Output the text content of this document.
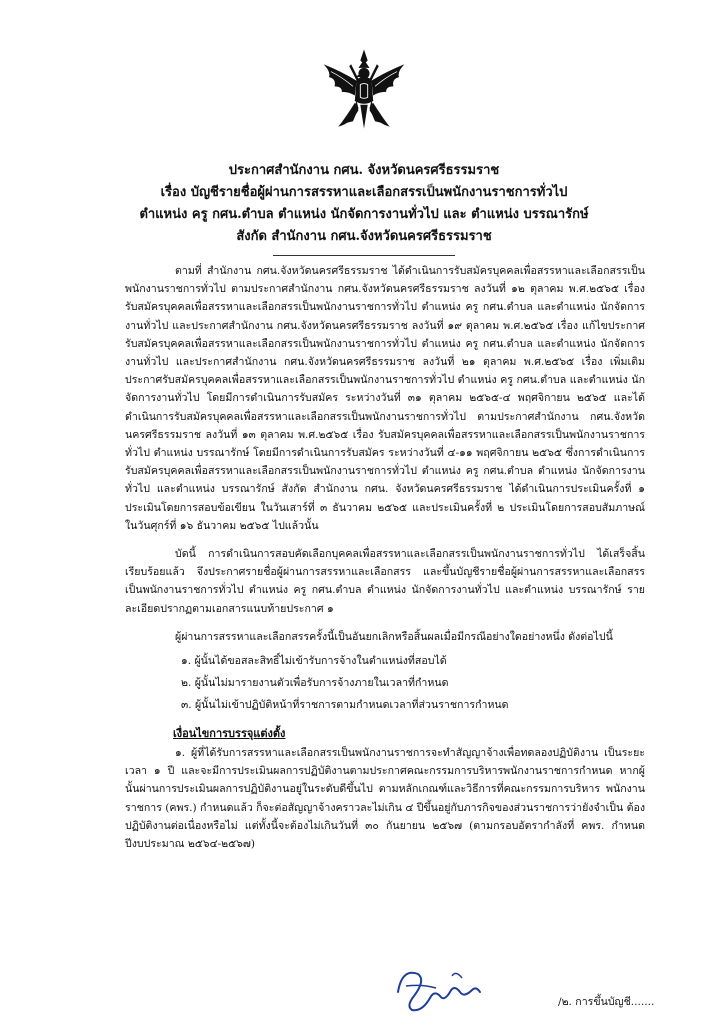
ประกาศสำนักงาน กศน. จังหวัดนครศรีธรรมราช
เรื่อง บัญชีรายชื่อผู้ผ่านการสรรหาและเลือกสรรเป็นพนักงานราชการทั่วไป
ตำแหน่ง ครู กศน.ตำบล ตำแหน่ง นักจัดการงานทั่วไป และ ตำแหน่ง บรรณารักษ์
สังกัด สำนักงาน กศน.จังหวัดนครศรีธรรมราช

ตามที่ สำนักงาน กศน.จังหวัดนครศรีธรรมราช ได้ดำเนินการรับสมัครบุคคลเพื่อสรรหาและเลือกสรรเป็นพนักงานราชการทั่วไป ตามประกาศสำนักงาน กศน.จังหวัดนครศรีธรรมราช ลงวันที่ ๑๒ ตุลาคม พ.ศ.๒๕๖๕ เรื่อง รับสมัครบุคคลเพื่อสรรหาและเลือกสรรเป็นพนักงานราชการทั่วไป ตำแหน่ง ครู กศน.ตำบล และตำแหน่ง นักจัดการงานทั่วไป และประกาศสำนักงาน กศน.จังหวัดนครศรีธรรมราช ลงวันที่ ๑๙ ตุลาคม พ.ศ.๒๕๖๕ เรื่อง แก้ไขประกาศรับสมัครบุคคลเพื่อสรรหาและเลือกสรรเป็นพนักงานราชการทั่วไป ตำแหน่ง ครู กศน.ตำบล และตำแหน่ง นักจัดการงานทั่วไป และประกาศสำนักงาน กศน.จังหวัดนครศรีธรรมราช ลงวันที่ ๒๑ ตุลาคม พ.ศ.๒๕๖๕ เรื่อง เพิ่มเติมประกาศรับสมัครบุคคลเพื่อสรรหาและเลือกสรรเป็นพนักงานราชการทั่วไป ตำแหน่ง ครู กศน.ตำบล และตำแหน่ง นักจัดการงานทั่วไป โดยมีการดำเนินการรับสมัคร ระหว่างวันที่ ๓๑ ตุลาคม ๒๕๖๕-๔ พฤศจิกายน ๒๕๖๕ และได้ดำเนินการรับสมัครบุคคลเพื่อสรรหาและเลือกสรรเป็นพนักงานราชการทั่วไป ตามประกาศสำนักงาน กศน.จังหวัดนครศรีธรรมราช ลงวันที่ ๑๓ ตุลาคม พ.ศ.๒๕๖๕ เรื่อง รับสมัครบุคคลเพื่อสรรหาและเลือกสรรเป็นพนักงานราชการทั่วไป ตำแหน่ง บรรณารักษ์ โดยมีการดำเนินการรับสมัคร ระหว่างวันที่ ๔-๑๑ พฤศจิกายน ๒๕๖๕ ซึ่งการดำเนินการรับสมัครบุคคลเพื่อสรรหาและเลือกสรรเป็นพนักงานราชการทั่วไป ตำแหน่ง ครู กศน.ตำบล ตำแหน่ง นักจัดการงานทั่วไป และตำแหน่ง บรรณารักษ์ สังกัด สำนักงาน กศน. จังหวัดนครศรีธรรมราช ได้ดำเนินการประเมินครั้งที่ ๑ ประเมินโดยการสอบข้อเขียน ในวันเสาร์ที่ ๓ ธันวาคม ๒๕๖๕ และประเมินครั้งที่ ๒ ประเมินโดยการสอบสัมภาษณ์ ในวันศุกร์ที่ ๑๖ ธันวาคม ๒๕๖๕ ไปแล้วนั้น

บัดนี้ การดำเนินการสอบคัดเลือกบุคคลเพื่อสรรหาและเลือกสรรเป็นพนักงานราชการทั่วไป ได้เสร็จสิ้นเรียบร้อยแล้ว จึงประกาศรายชื่อผู้ผ่านการสรรหาและเลือกสรร และขึ้นบัญชีรายชื่อผู้ผ่านการสรรหาและเลือกสรรเป็นพนักงานราชการทั่วไป ตำแหน่ง ครู กศน.ตำบล ตำแหน่ง นักจัดการงานทั่วไป และตำแหน่ง บรรณารักษ์ รายละเอียดปรากฏตามเอกสารแนบท้ายประกาศ ๑

ผู้ผ่านการสรรหาและเลือกสรรครั้งนี้เป็นอันยกเลิกหรือสิ้นผลเมื่อมีกรณีอย่างใดอย่างหนึ่ง ดังต่อไปนี้

๑. ผู้นั้นได้ขอสละสิทธิ์ไม่เข้ารับการจ้างในตำแหน่งที่สอบได้
๒. ผู้นั้นไม่มารายงานตัวเพื่อรับการจ้างภายในเวลาที่กำหนด
๓. ผู้นั้นไม่เข้าปฏิบัติหน้าที่ราชการตามกำหนดเวลาที่ส่วนราชการกำหนด
เงื่อนไขการบรรจุแต่งตั้ง

๑. ผู้ที่ได้รับการสรรหาและเลือกสรรเป็นพนักงานราชการจะทำสัญญาจ้างเพื่อทดลองปฏิบัติงาน เป็นระยะเวลา ๑ ปี และจะมีการประเมินผลการปฏิบัติงานตามประกาศคณะกรรมการบริหารพนักงานราชการกำหนด หากผู้นั้นผ่านการประเมินผลการปฏิบัติงานอยู่ในระดับดีขึ้นไป ตามหลักเกณฑ์และวิธีการที่คณะกรรมการบริหาร พนักงานราชการ (คพร.) กำหนดแล้ว ก็จะต่อสัญญาจ้างคราวละไม่เกิน ๔ ปีขึ้นอยู่กับภารกิจของส่วนราชการว่ายังจำเป็น ต้องปฏิบัติงานต่อเนื่องหรือไม่ แต่ทั้งนี้จะต้องไม่เกินวันที่ ๓๐ กันยายน ๒๕๖๗ (ตามกรอบอัตรากำลังที่ คพร. กำหนด ปีงบประมาณ ๒๕๖๔-๒๕๖๗)

/๒. การขึ้นบัญชี.......
